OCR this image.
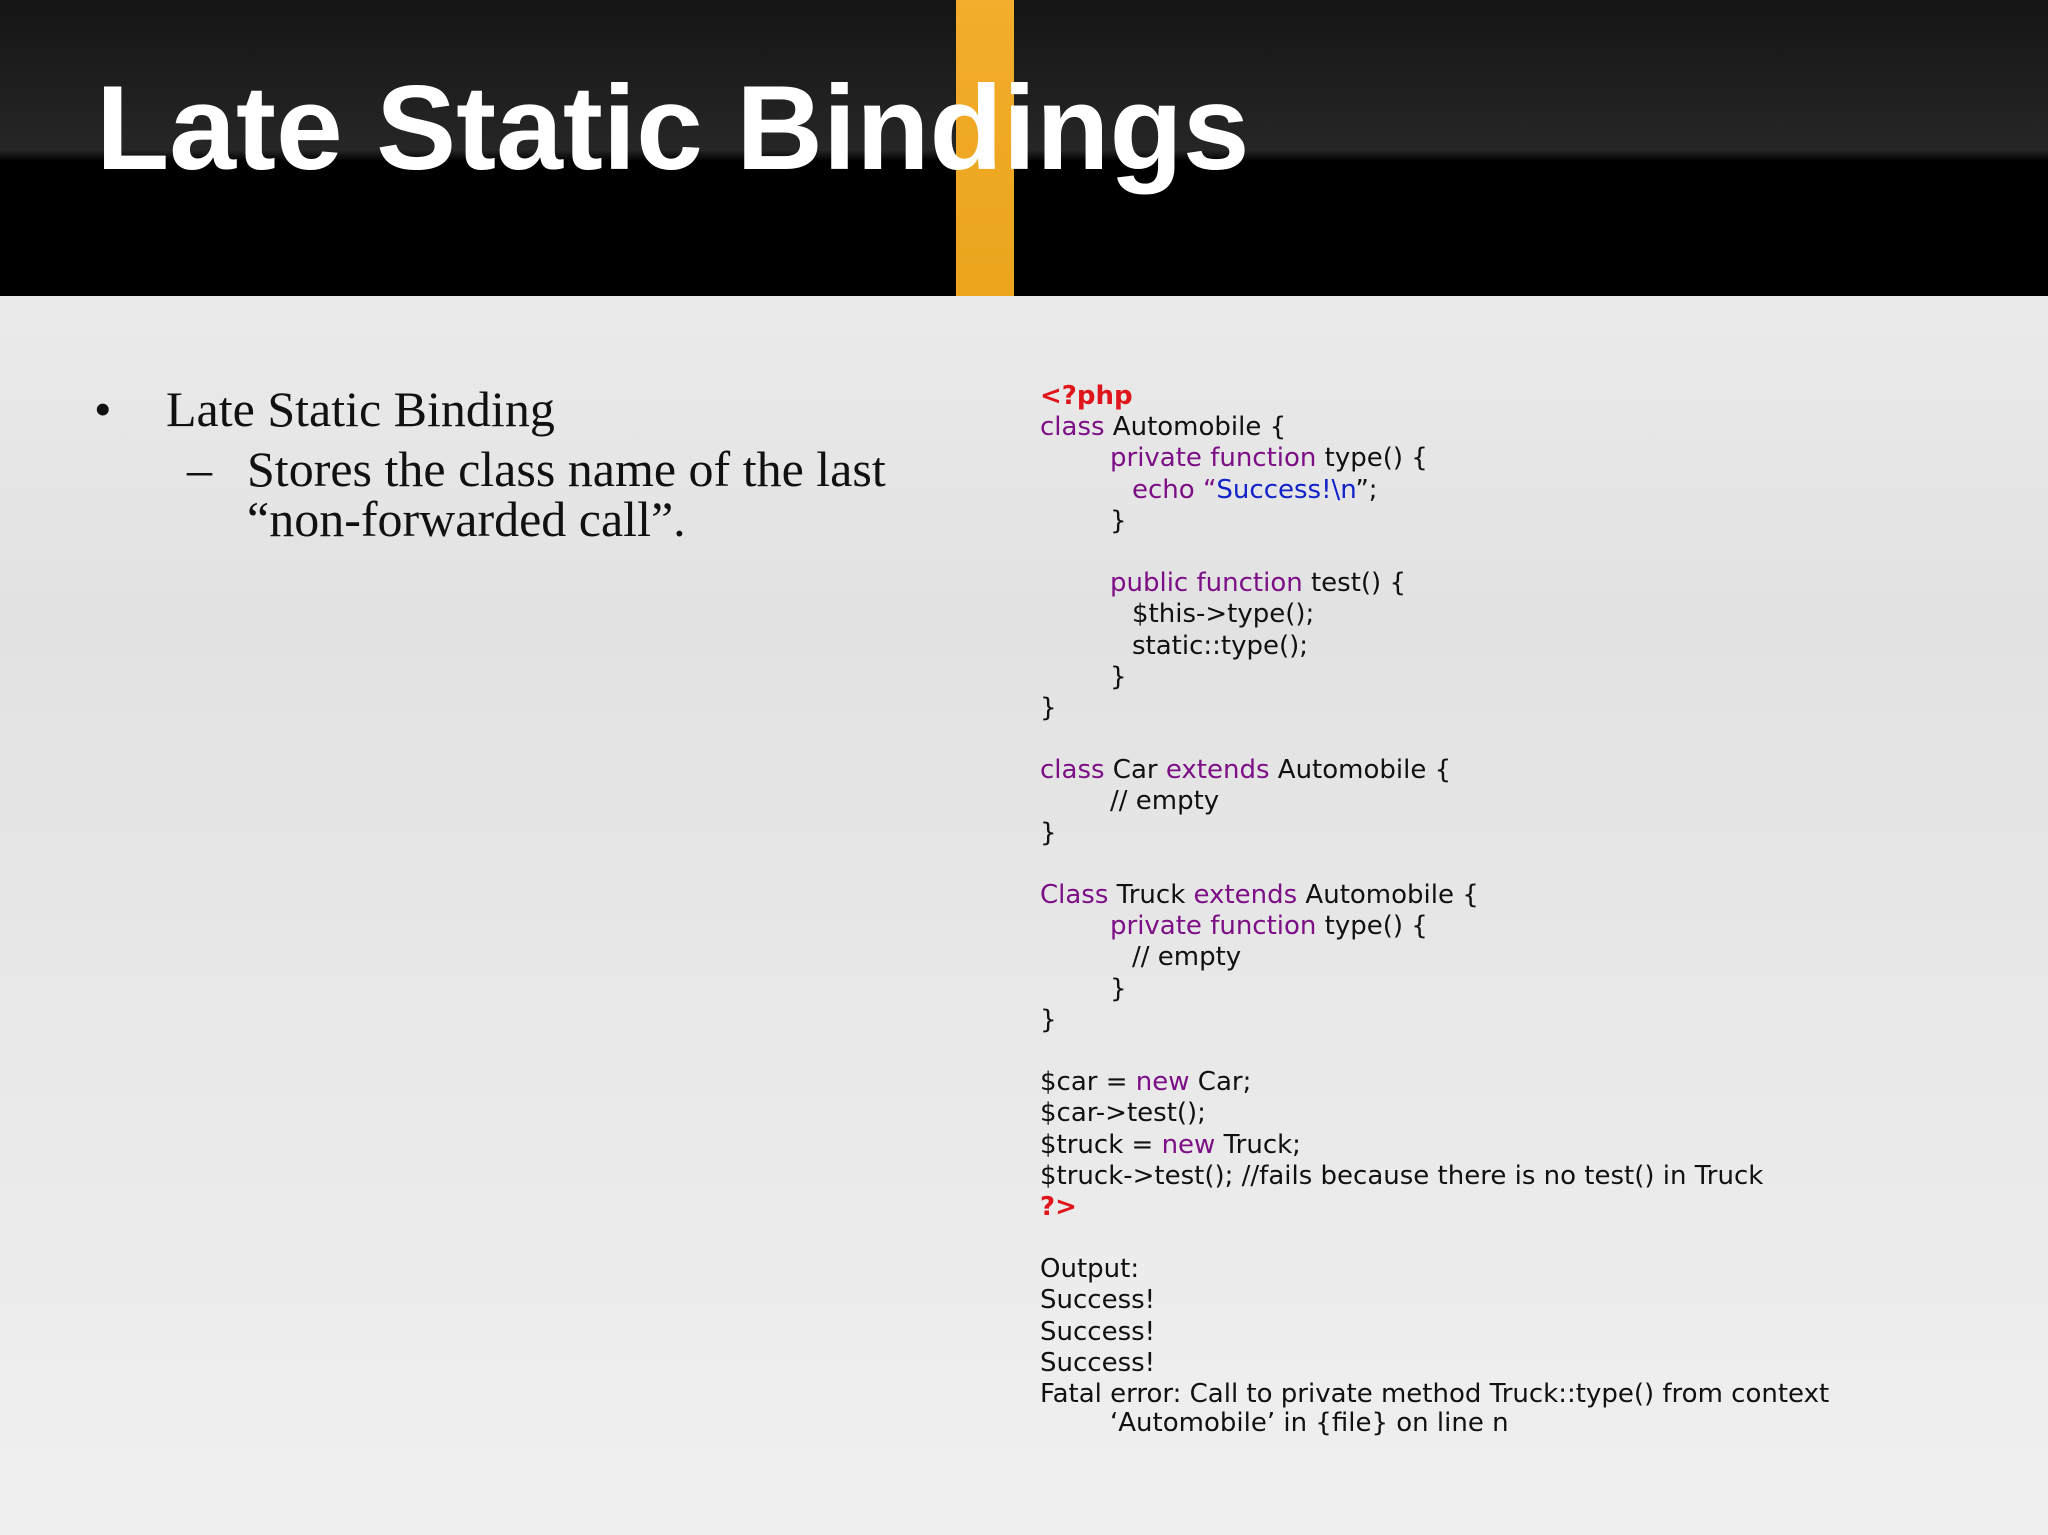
Late Static Bindings
• Late Static Binding
– Stores the class name of the last
“non-forwarded call”.
<?php
class Automobile {
private function type() {
echo “Success!\n”;
}
public function test() {
$this->type();
static::type();
}
}
class Car extends Automobile {
// empty
}
Class Truck extends Automobile {
private function type() {
// empty
}
}
$car = new Car;
$car->test();
$truck = new Truck;
$truck->test(); //fails because there is no test() in Truck
?>
Output:
Success!
Success!
Success!
Fatal error: Call to private method Truck::type() from context
‘Automobile’ in {file} on line n
